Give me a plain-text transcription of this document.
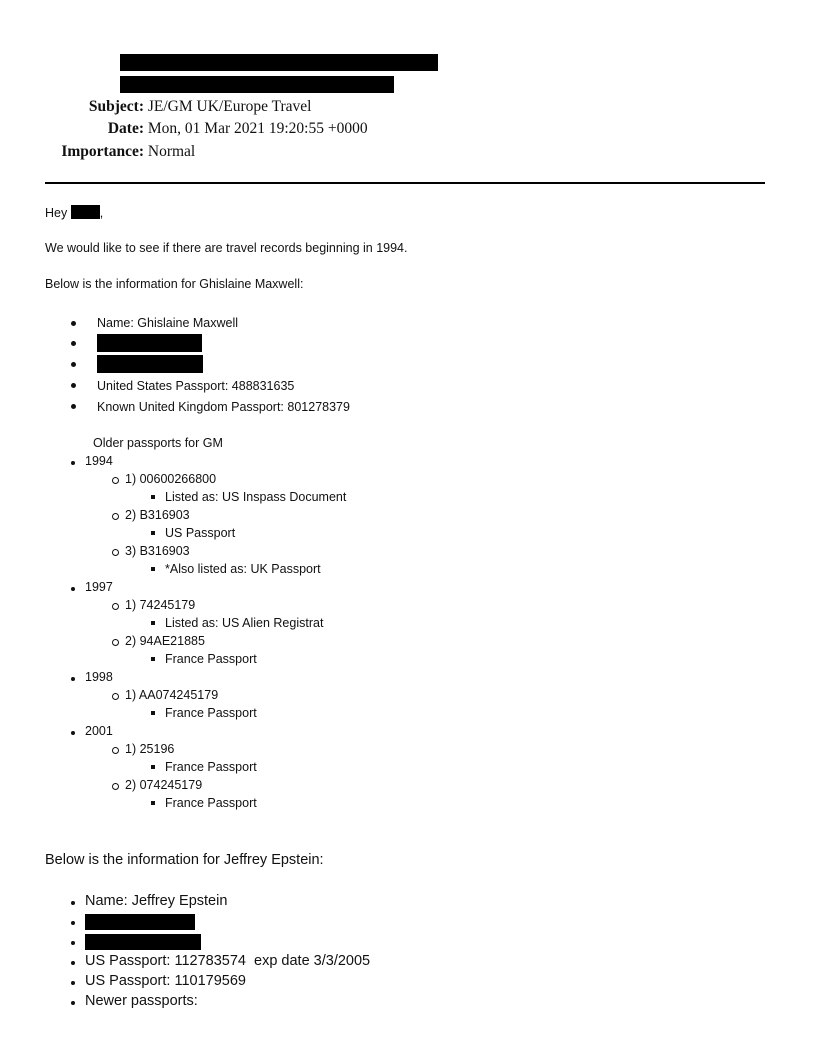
Subject: JE/GM UK/Europe Travel
Date: Mon, 01 Mar 2021 19:20:55 +0000
Importance: Normal
Hey	,
We would like to see if there are travel records beginning in 1994.
Below is the information for Ghislaine Maxwell:
Name: Ghislaine Maxwell
United States Passport: 488831635
Known United Kingdom Passport: 801278379
Older passports for GM
1994
1) 00600266800
Listed as: US Inspass Document
2) B316903
US Passport
3) B316903
*Also listed as: UK Passport
1997
1) 74245179
Listed as: US Alien Registrat
2) 94AE21885
France Passport
1998
1) AA074245179
France Passport
2001
1) 25196
France Passport
2) 074245179
France Passport
Below is the information for Jeffrey Epstein:
Name: Jeffrey Epstein
US Passport: 112783574  exp date 3/3/2005
US Passport: 110179569
Newer passports:
